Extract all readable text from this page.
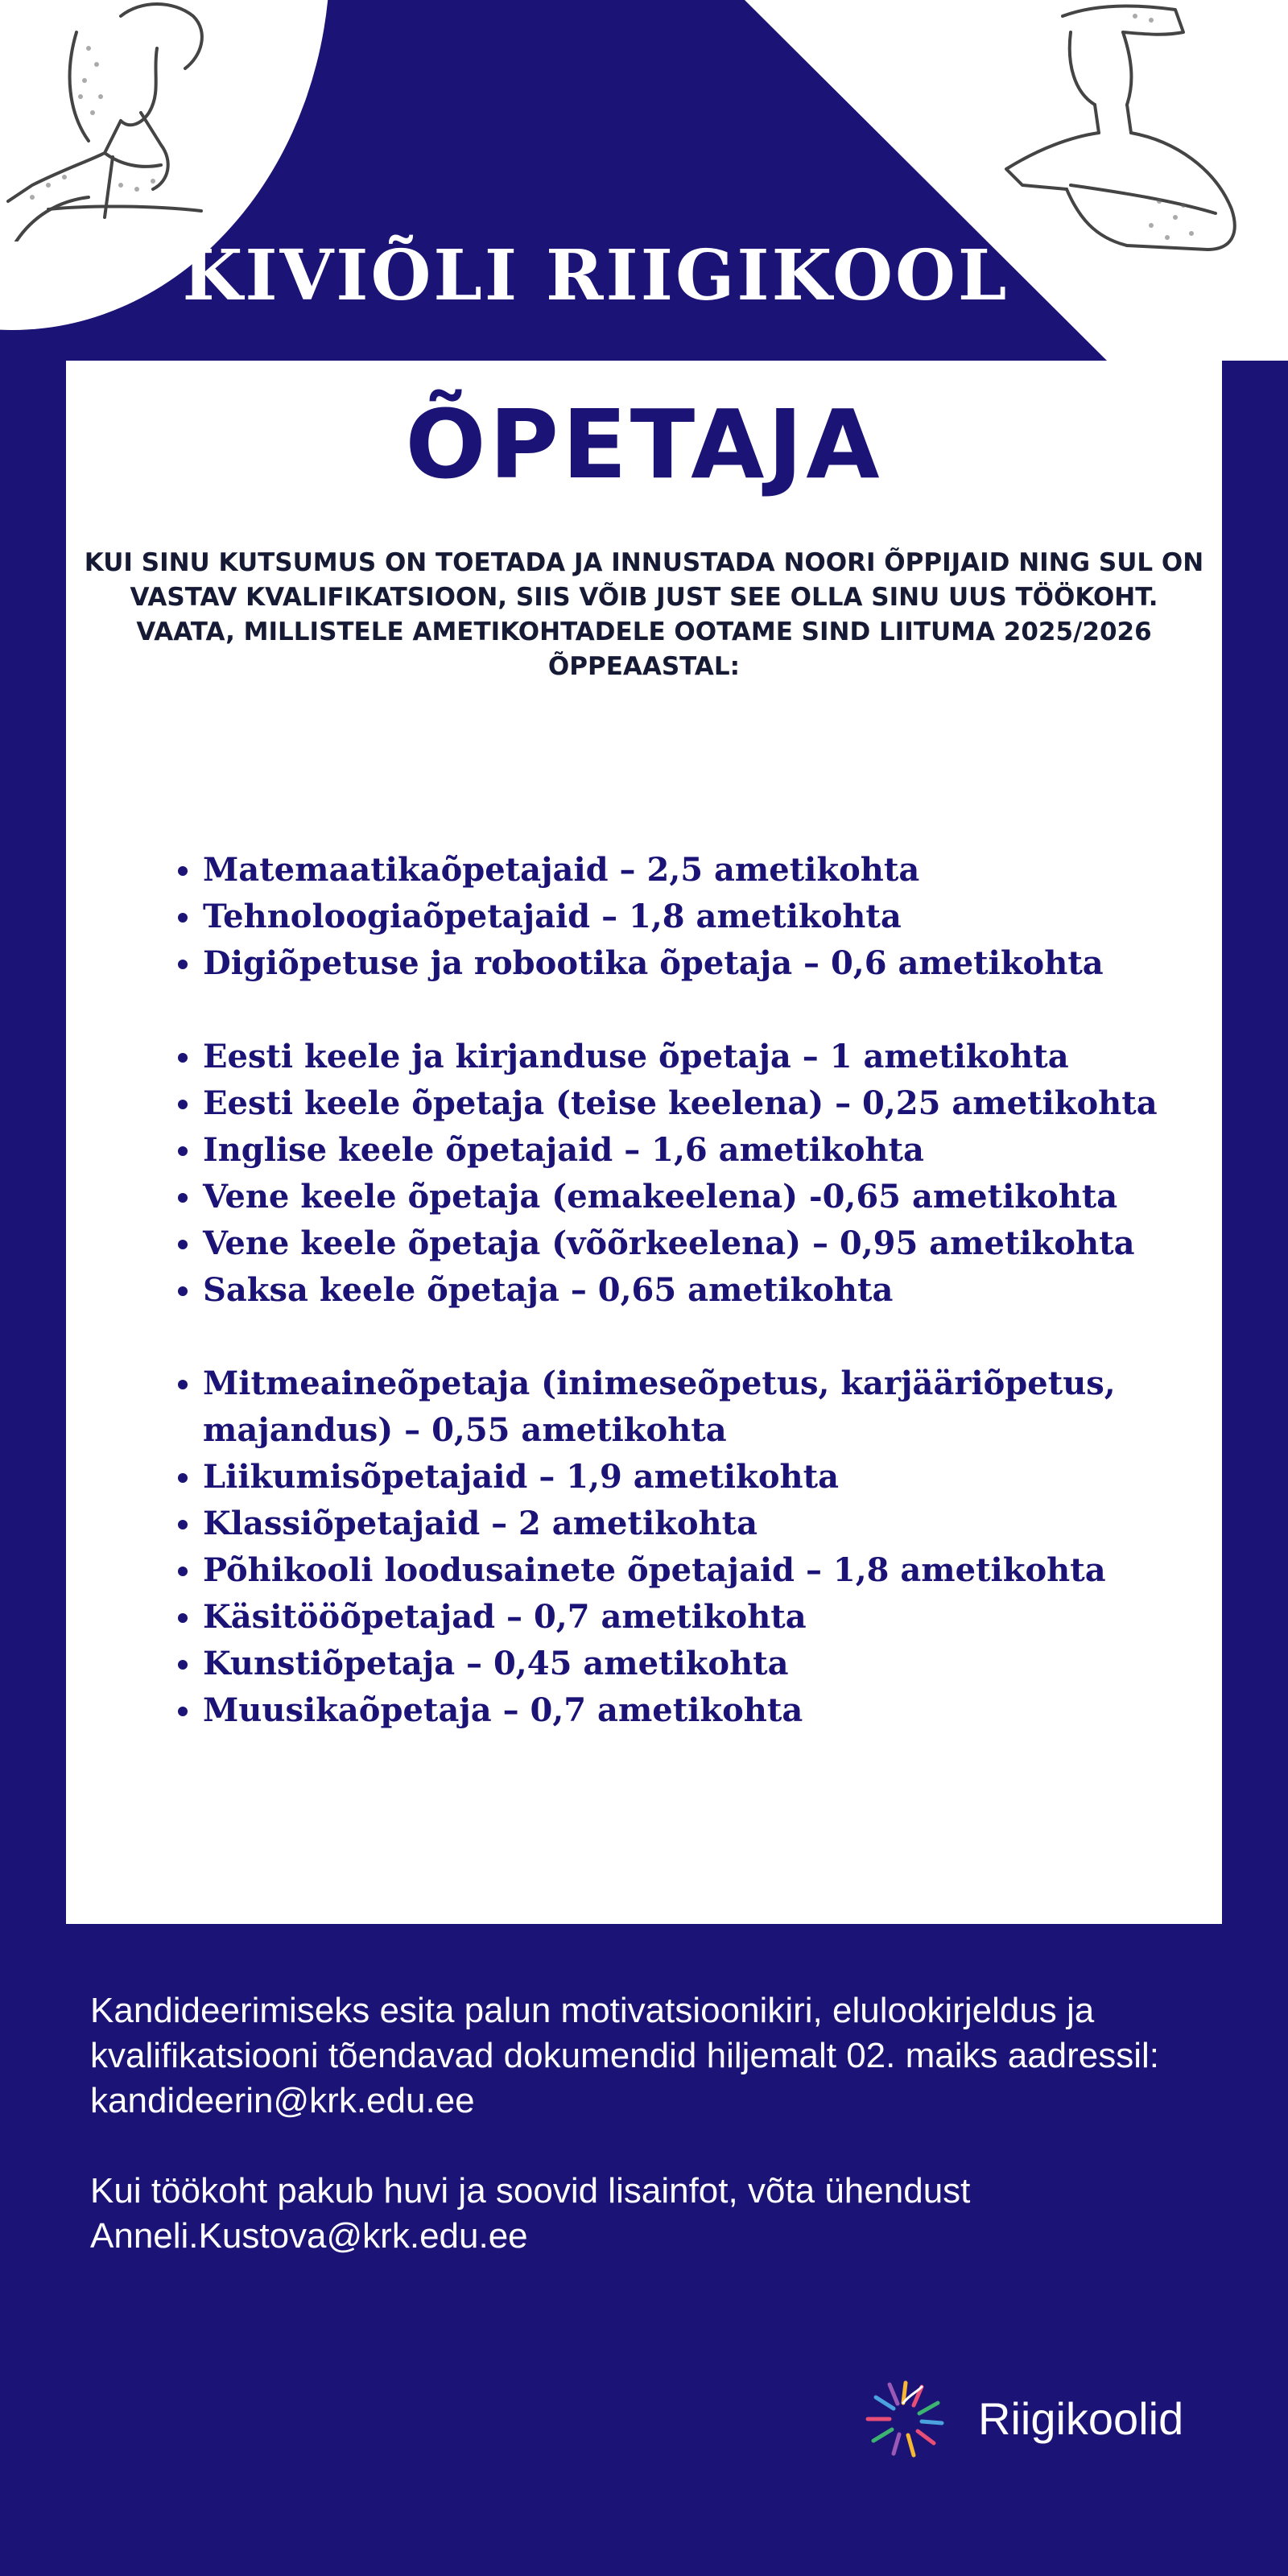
KIVIÕLI RIIGIKOOL
ÕPETAJA

KUI SINU KUTSUMUS ON TOETADA JA INNUSTADA NOORI ÕPPIJAID NING SUL ON VASTAV KVALIFIKATSIOON, SIIS VÕIB JUST SEE OLLA SINU UUS TÖÖKOHT.

VAATA, MILLISTELE AMETIKOHTADELE OOTAME SIND LIITUMA 2025/2026 ÕPPEAASTAL:

• Matemaatikaõpetajaid – 2,5 ametikohta
• Tehnoloogiaõpetajaid – 1,8 ametikohta
• Digiõpetuse ja robootika õpetaja – 0,6 ametikohta
• Eesti keele ja kirjanduse õpetaja – 1 ametikohta
• Eesti keele õpetaja (teise keelena) – 0,25 ametikohta
• Inglise keele õpetajaid – 1,6 ametikohta
• Vene keele õpetaja (emakeelena) -0,65 ametikohta
• Vene keele õpetaja (võõrkeelena) – 0,95 ametikohta
• Saksa keele õpetaja – 0,65 ametikohta
• Mitmeaineõpetaja (inimeseõpetus, karjääriõpetus, majandus) – 0,55 ametikohta
• Liikumisõpetajaid – 1,9 ametikohta
• Klassiõpetajaid – 2 ametikohta
• Põhikooli loodusainete õpetajaid – 1,8 ametikohta
• Käsitööõpetajad – 0,7 ametikohta
• Kunstiõpetaja – 0,45 ametikohta
• Muusikaõpetaja – 0,7 ametikohta

Kandideerimiseks esita palun motivatsioonikiri, elulookirjeldus ja kvalifikatsiooni tõendavad dokumendid hiljemalt 02. maiks aadressil: kandideerin@krk.edu.ee

Kui töökoht pakub huvi ja soovid lisainfot, võta ühendust Anneli.Kustova@krk.edu.ee

Riigikoolid
